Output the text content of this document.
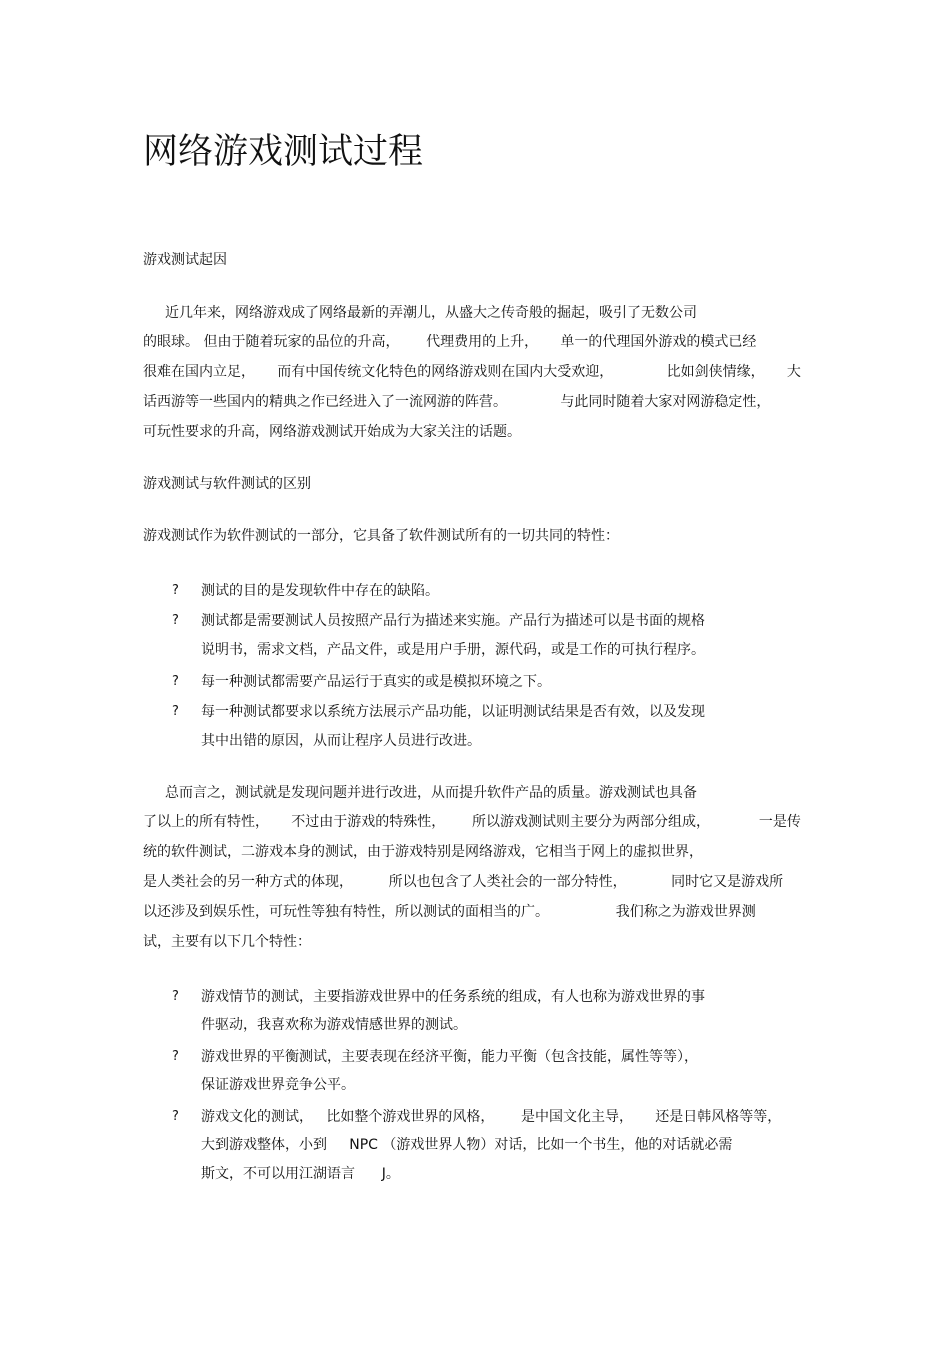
网络游戏测试过程
游戏测试起因
近几年来，网络游戏成了网络最新的弄潮儿，从盛大之传奇般的掘起，吸引了无数公司
的眼球。 但由于随着玩家的品位的升高，      代理费用的上升，     单一的代理国外游戏的模式已经
很难在国内立足，     而有中国传统文化特色的网络游戏则在国内大受欢迎，            比如剑侠情缘，     大
话西游等一些国内的精典之作已经进入了一流网游的阵营。            与此同时随着大家对网游稳定性，
可玩性要求的升高，网络游戏测试开始成为大家关注的话题。
游戏测试与软件测试的区别
游戏测试作为软件测试的一部分，它具备了软件测试所有的一切共同的特性：
? 测试的目的是发现软件中存在的缺陷。
? 测试都是需要测试人员按照产品行为描述来实施。产品行为描述可以是书面的规格
说明书，需求文档，产品文件，或是用户手册，源代码，或是工作的可执行程序。
? 每一种测试都需要产品运行于真实的或是模拟环境之下。
? 每一种测试都要求以系统方法展示产品功能，以证明测试结果是否有效，以及发现
其中出错的原因，从而让程序人员进行改进。
总而言之，测试就是发现问题并进行改进，从而提升软件产品的质量。游戏测试也具备
了以上的所有特性，     不过由于游戏的特殊性，      所以游戏测试则主要分为两部分组成，           一是传
统的软件测试，二游戏本身的测试，由于游戏特别是网络游戏，它相当于网上的虚拟世界，
是人类社会的另一种方式的体现，        所以也包含了人类社会的一部分特性，          同时它又是游戏所
以还涉及到娱乐性，可玩性等独有特性，所以测试的面相当的广。               我们称之为游戏世界测
试，主要有以下几个特性：
? 游戏情节的测试，主要指游戏世界中的任务系统的组成，有人也称为游戏世界的事
件驱动，我喜欢称为游戏情感世界的测试。
? 游戏世界的平衡测试，主要表现在经济平衡，能力平衡（包含技能，属性等等），
保证游戏世界竞争公平。
? 游戏文化的测试，   比如整个游戏世界的风格，      是中国文化主导，     还是日韩风格等等，
大到游戏整体，小到     NPC （游戏世界人物）对话，比如一个书生，他的对话就必需
斯文，不可以用江湖语言      J。
